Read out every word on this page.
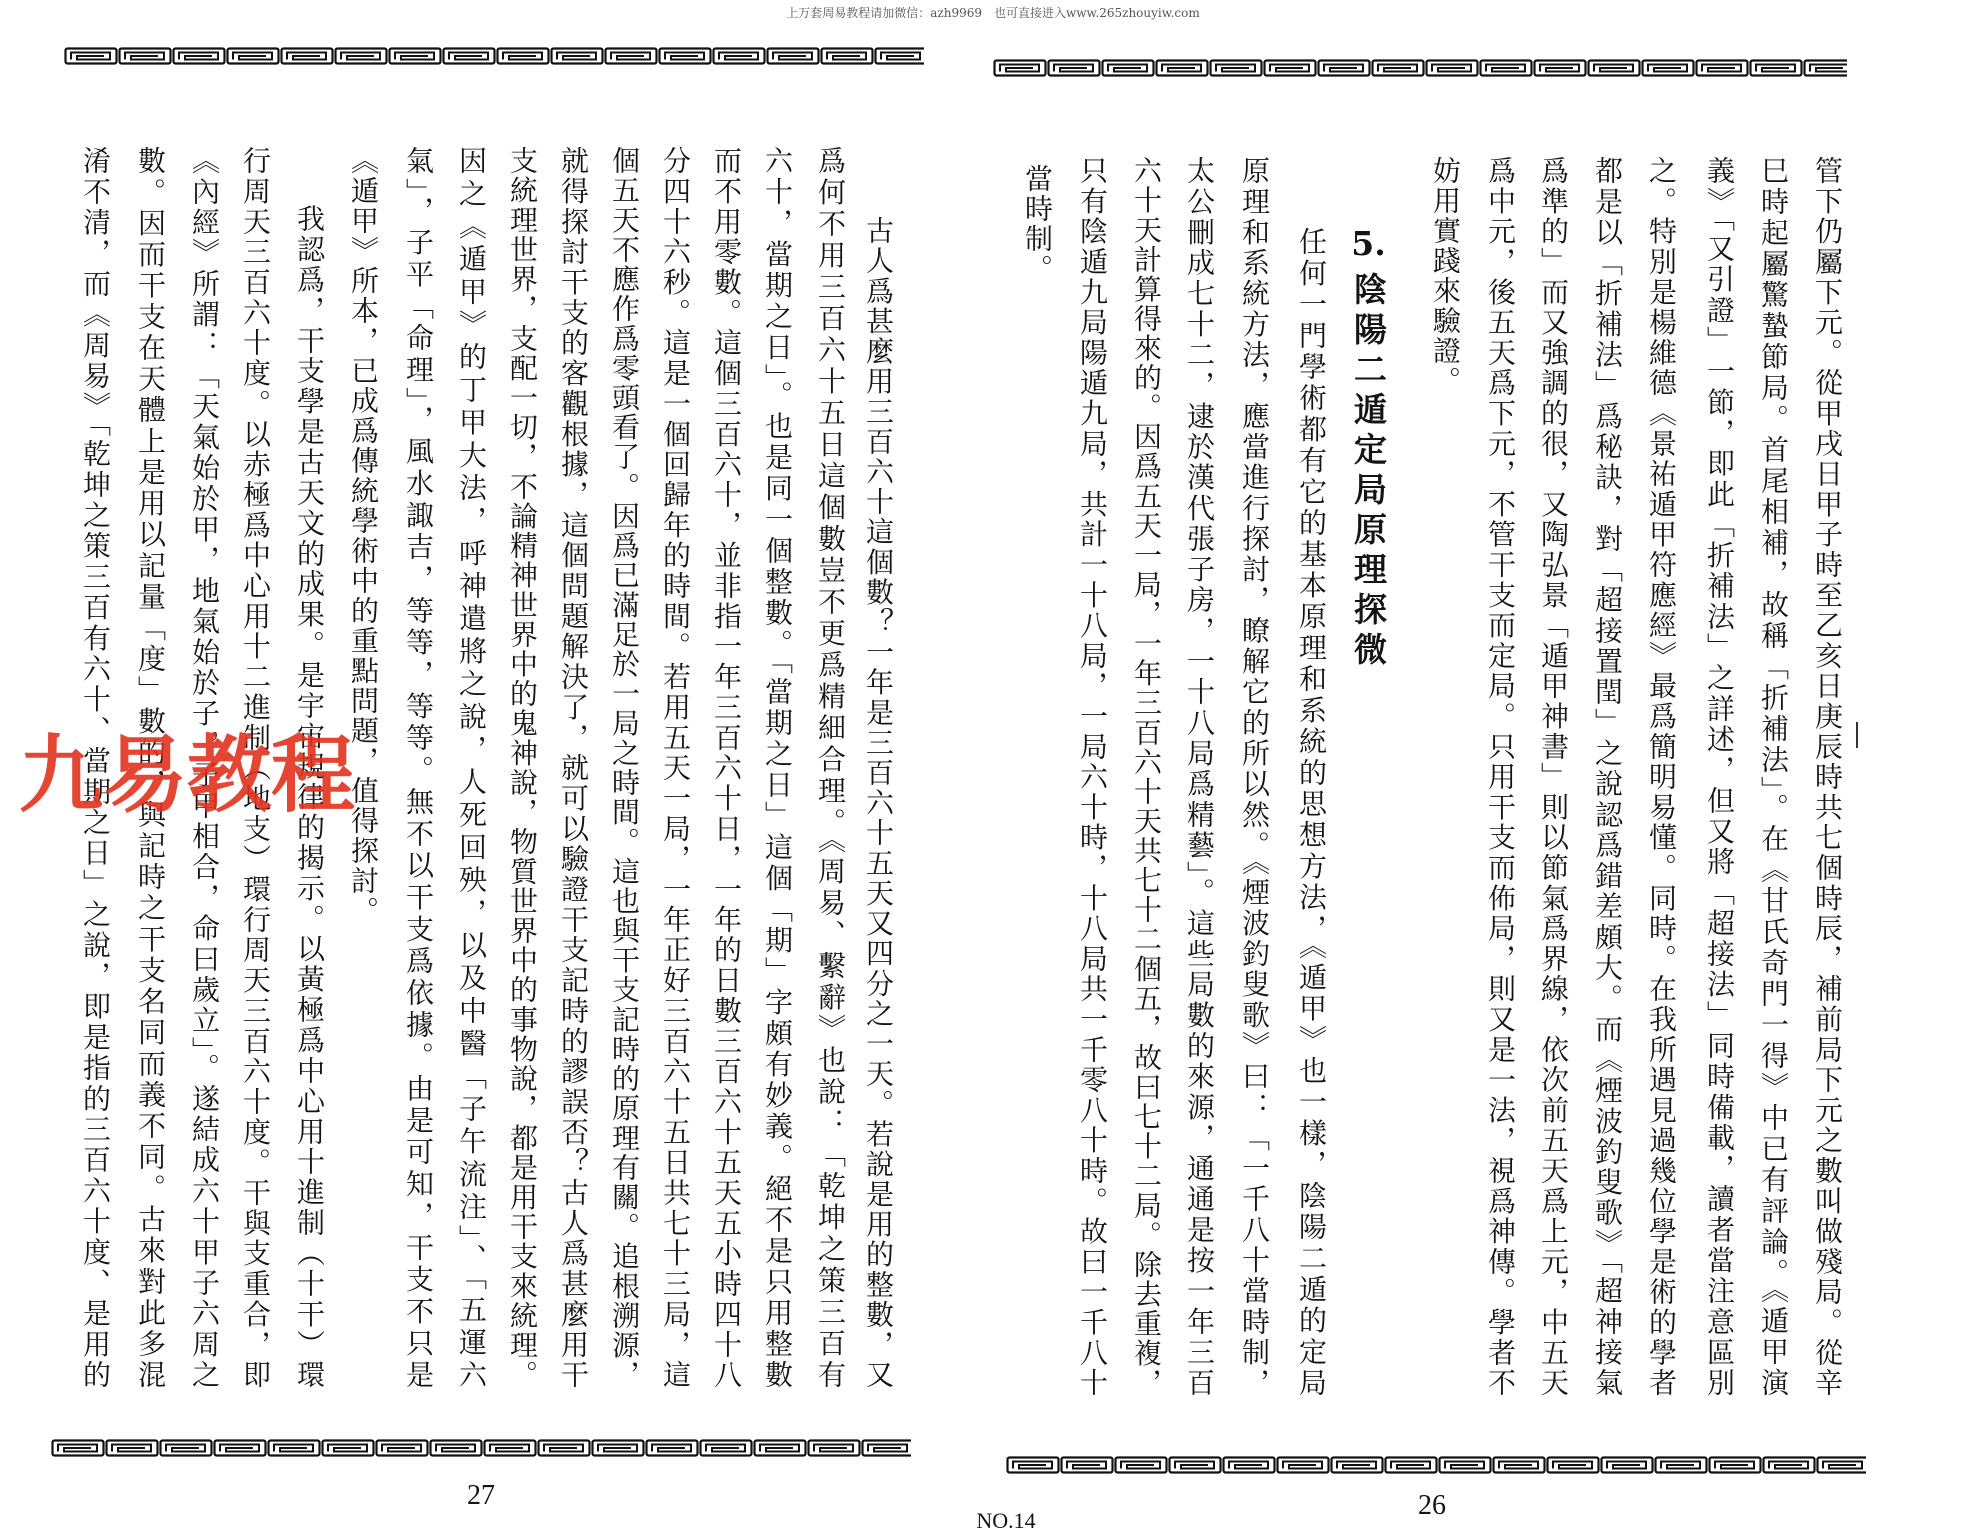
上万套周易教程请加微信：azh9969　也可直接进入www.265zhouyiw.com
古人爲甚麼用三百六十這個數？一年是三百六十五天又四分之一天。若說是用的整數，又
爲何不用三百六十五日這個數豈不更爲精細合理。《周易、繫辭》也說：「乾坤之策三百有
六十，當期之日」。也是同一個整數。「當期之日」這個「期」字頗有妙義。絕不是只用整數
而不用零數。這個三百六十，並非指一年三百六十日，一年的日數三百六十五天五小時四十八
分四十六秒。這是一個回歸年的時間。若用五天一局，一年正好三百六十五日共七十三局，這
個五天不應作爲零頭看了。因爲已滿足於一局之時間。這也與干支記時的原理有關。追根溯源，
就得探討干支的客觀根據，這個問題解決了，就可以驗證干支記時的謬誤否？古人爲甚麼用干
支統理世界，支配一切，不論精神世界中的鬼神說，物質世界中的事物說，都是用干支來統理。
因之《遁甲》的丁甲大法，呼神遣將之說，人死回殃，以及中醫「子午流注」、「五運六
氣」，子平「命理」，風水諏吉，等等，等等。無不以干支爲依據。由是可知，干支不只是
《遁甲》所本，已成爲傳統學術中的重點問題，值得探討。
我認爲，干支學是古天文的成果。是宇宙規律的揭示。以黃極爲中心用十進制（十干）環
行周天三百六十度。以赤極爲中心用十二進制（地支）環行周天三百六十度。干與支重合，即
《內經》所謂：「天氣始於甲，地氣始於子，子甲相合，命曰歲立」。遂結成六十甲子六周之
數。因而干支在天體上是用以記量「度」數的，與記時之干支名同而義不同。古來對此多混
淆不清，而《周易》「乾坤之策三百有六十、當期之日」之說，即是指的三百六十度、是用的
27
管下仍屬下元。從甲戌日甲子時至乙亥日庚辰時共七個時辰，補前局下元之數叫做殘局。從辛
巳時起屬驚蟄節局。首尾相補，故稱「折補法」。在《甘氏奇門一得》中已有評論。《遁甲演
義》「又引證」一節，即此「折補法」之詳述，但又將「超接法」同時備載，讀者當注意區別
之。特別是楊維德《景祐遁甲符應經》最爲簡明易懂。同時。在我所遇見過幾位學是術的學者
都是以「折補法」爲秘訣，對「超接置閏」之說認爲錯差頗大。而《煙波釣叟歌》「超神接氣
爲準的」而又強調的很，又陶弘景「遁甲神書」則以節氣爲界線，依次前五天爲上元，中五天
爲中元，後五天爲下元，不管干支而定局。只用干支而佈局，則又是一法，視爲神傳。學者不
妨用實踐來驗證。
5.陰陽二遁定局原理探微
任何一門學術都有它的基本原理和系統的思想方法，《遁甲》也一樣，陰陽二遁的定局
原理和系統方法，應當進行探討，瞭解它的所以然。《煙波釣叟歌》曰：「一千八十當時制，
太公刪成七十二，逮於漢代張子房，一十八局爲精藝」。這些局數的來源，通通是按一年三百
六十天計算得來的。因爲五天一局，一年三百六十天共七十二個五，故曰七十二局。除去重複，
只有陰遁九局陽遁九局，共計一十八局，一局六十時，十八局共一千零八十時。故曰一千八十
當時制。
26
NO.14
九易教程
